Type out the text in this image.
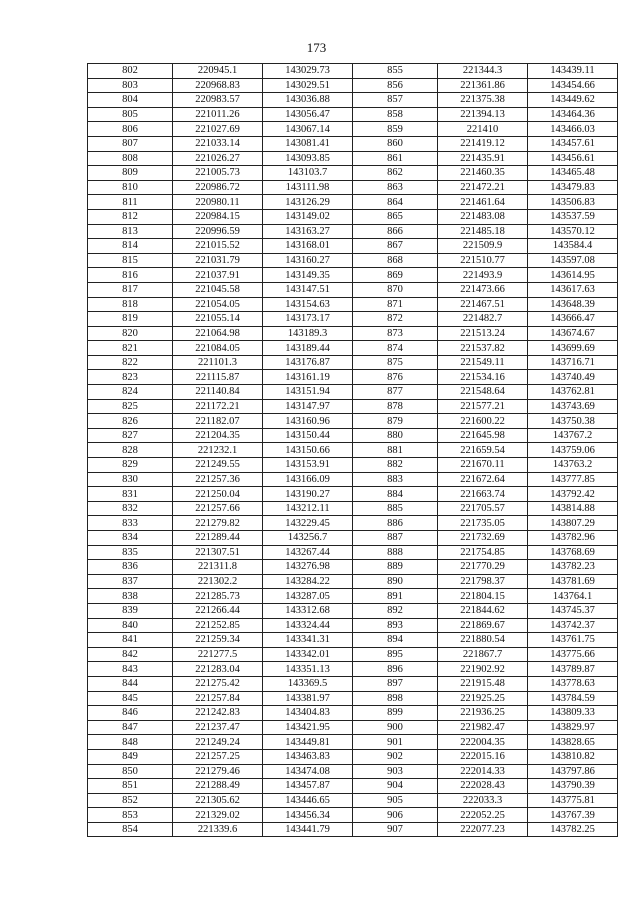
173
802	220945.1	143029.73	855	221344.3	143439.11
803	220968.83	143029.51	856	221361.86	143454.66
804	220983.57	143036.88	857	221375.38	143449.62
805	221011.26	143056.47	858	221394.13	143464.36
806	221027.69	143067.14	859	221410	143466.03
807	221033.14	143081.41	860	221419.12	143457.61
808	221026.27	143093.85	861	221435.91	143456.61
809	221005.73	143103.7	862	221460.35	143465.48
810	220986.72	143111.98	863	221472.21	143479.83
811	220980.11	143126.29	864	221461.64	143506.83
812	220984.15	143149.02	865	221483.08	143537.59
813	220996.59	143163.27	866	221485.18	143570.12
814	221015.52	143168.01	867	221509.9	143584.4
815	221031.79	143160.27	868	221510.77	143597.08
816	221037.91	143149.35	869	221493.9	143614.95
817	221045.58	143147.51	870	221473.66	143617.63
818	221054.05	143154.63	871	221467.51	143648.39
819	221055.14	143173.17	872	221482.7	143666.47
820	221064.98	143189.3	873	221513.24	143674.67
821	221084.05	143189.44	874	221537.82	143699.69
822	221101.3	143176.87	875	221549.11	143716.71
823	221115.87	143161.19	876	221534.16	143740.49
824	221140.84	143151.94	877	221548.64	143762.81
825	221172.21	143147.97	878	221577.21	143743.69
826	221182.07	143160.96	879	221600.22	143750.38
827	221204.35	143150.44	880	221645.98	143767.2
828	221232.1	143150.66	881	221659.54	143759.06
829	221249.55	143153.91	882	221670.11	143763.2
830	221257.36	143166.09	883	221672.64	143777.85
831	221250.04	143190.27	884	221663.74	143792.42
832	221257.66	143212.11	885	221705.57	143814.88
833	221279.82	143229.45	886	221735.05	143807.29
834	221289.44	143256.7	887	221732.69	143782.96
835	221307.51	143267.44	888	221754.85	143768.69
836	221311.8	143276.98	889	221770.29	143782.23
837	221302.2	143284.22	890	221798.37	143781.69
838	221285.73	143287.05	891	221804.15	143764.1
839	221266.44	143312.68	892	221844.62	143745.37
840	221252.85	143324.44	893	221869.67	143742.37
841	221259.34	143341.31	894	221880.54	143761.75
842	221277.5	143342.01	895	221867.7	143775.66
843	221283.04	143351.13	896	221902.92	143789.87
844	221275.42	143369.5	897	221915.48	143778.63
845	221257.84	143381.97	898	221925.25	143784.59
846	221242.83	143404.83	899	221936.25	143809.33
847	221237.47	143421.95	900	221982.47	143829.97
848	221249.24	143449.81	901	222004.35	143828.65
849	221257.25	143463.83	902	222015.16	143810.82
850	221279.46	143474.08	903	222014.33	143797.86
851	221288.49	143457.87	904	222028.43	143790.39
852	221305.62	143446.65	905	222033.3	143775.81
853	221329.02	143456.34	906	222052.25	143767.39
854	221339.6	143441.79	907	222077.23	143782.25
